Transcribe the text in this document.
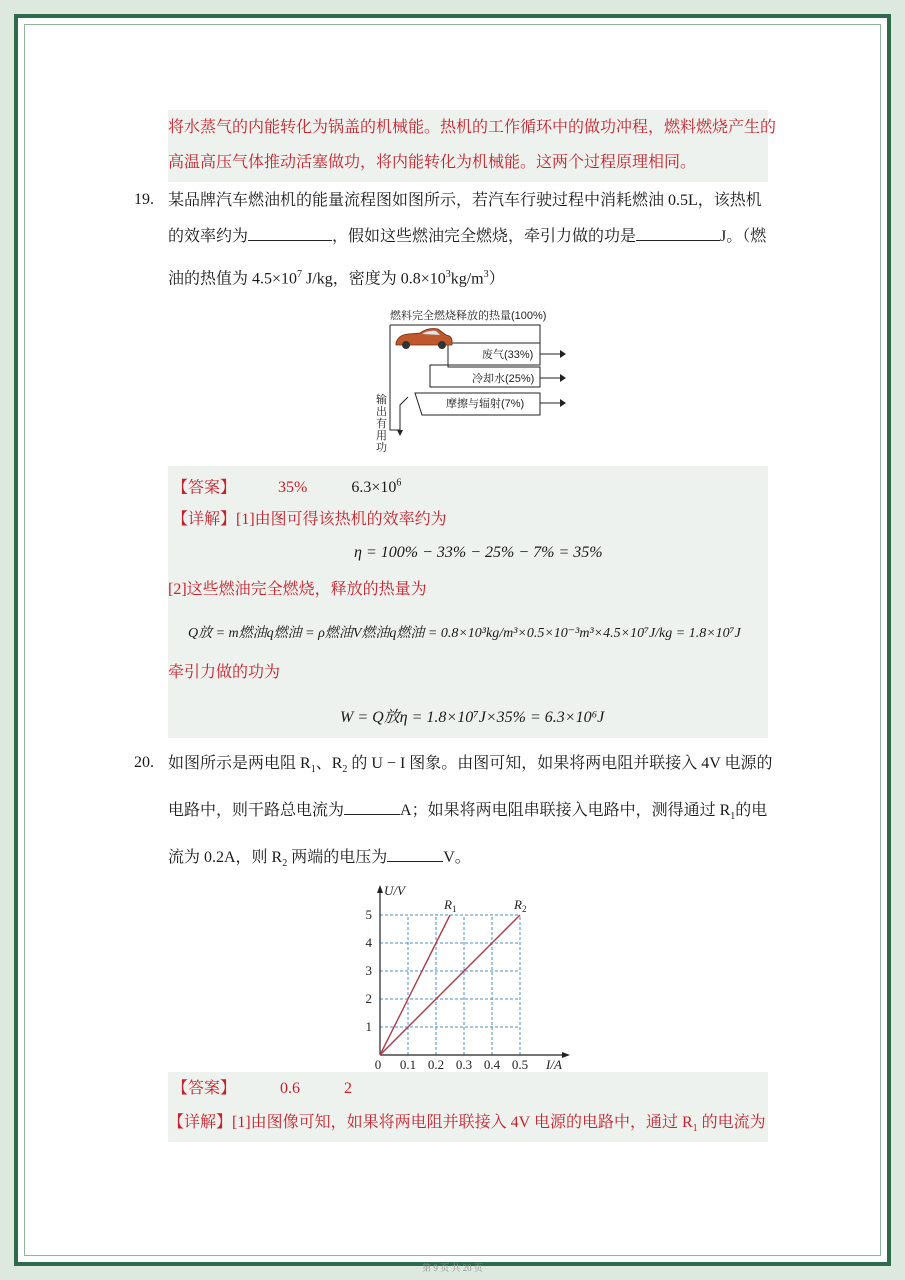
将水蒸气的内能转化为锅盖的机械能。热机的工作循环中的做功冲程，燃料燃烧产生的
高温高压气体推动活塞做功，将内能转化为机械能。这两个过程原理相同。
19. 某品牌汽车燃油机的能量流程图如图所示，若汽车行驶过程中消耗燃油 0.5L，该热机
的效率约为	，假如这些燃油完全燃烧，牵引力做的功是	J。（燃
油的热值为 $4.5\times 10^7$ J/kg，密度为 $0.8\times 10^3kg/m^3$）
燃料完全燃烧释放的热量(100%)
废气(33%)
冷却水(25%)
摩擦与辐射(7%)
输
出
有
用
功
【答案】	35%	$6.3\times 10^6$
【详解】[1]由图可得该热机的效率约为
η = 100% − 33% − 25% − 7% = 35%
[2]这些燃油完全燃烧，释放的热量为
Q放 = m燃油q燃油 = ρ燃油V燃油q燃油 = 0.8×10³kg/m³×0.5×10⁻³m³×4.5×10⁷J/kg = 1.8×10⁷J
牵引力做的功为
W = Q放η = 1.8×10⁷J×35% = 6.3×10⁶J
20. 如图所示是两电阻 $R_1$、$R_2$ 的 U − I 图象。由图可知，如果将两电阻并联接入 4V 电源的
电路中，则干路总电流为	A；如果将两电阻串联接入电路中，测得通过 $R_1$的电
流为 0.2A，则 $R_2$ 两端的电压为	V。
0.1 0.2 0.3 0.4 0.5
1
2
3
4
5
0	I/A
U/V
$R_1$	$R_2$
【答案】	0.6	2
【详解】[1]由图像可知，如果将两电阻并联接入 4V 电源的电路中，通过 $R_1$ 的电流为
第 9 页 共 20 页
